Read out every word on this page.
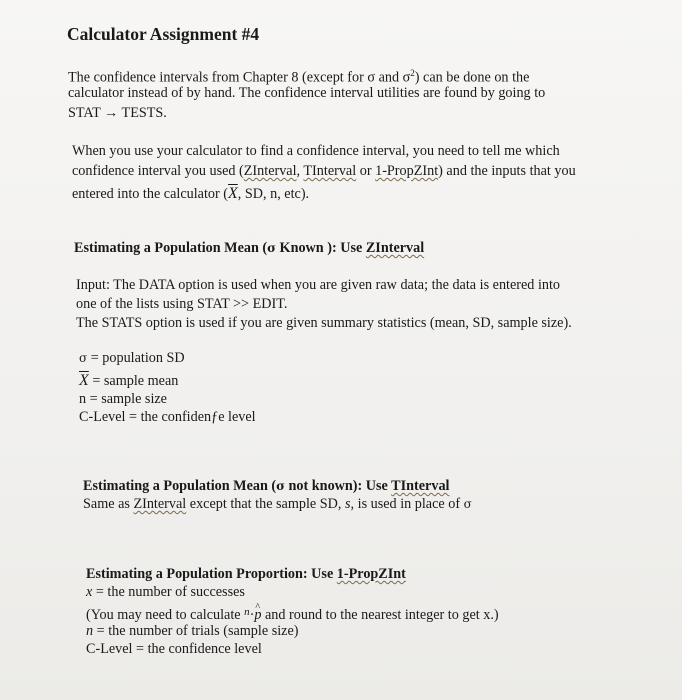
Calculator Assignment #4
The confidence intervals from Chapter 8 (except for σ and $\sigma^2$) can be done on the
calculator instead of by hand. The confidence interval utilities are found by going to
STAT → TESTS.
When you use your calculator to find a confidence interval, you need to tell me which
confidence interval you used (ZInterval, TInterval or 1-PropZInt) and the inputs that you
entered into the calculator ($\overline{X}$, SD, n, etc).
Estimating a Population Mean (σ Known ): Use ZInterval
Input: The DATA option is used when you are given raw data; the data is entered into
one of the lists using STAT >> EDIT.
The STATS option is used if you are given summary statistics (mean, SD, sample size).
σ = population SD
$\overline{X}$ = sample mean
n = sample size
C-Level = the confidenƒe level
Estimating a Population Mean (σ not known): Use TInterval
Same as ZInterval except that the sample SD, s, is used in place of σ
Estimating a Population Proportion: Use 1-PropZInt
x = the number of successes
(You may need to calculate $^n$·^ p and round to the nearest integer to get x.)
n = the number of trials (sample size)
C-Level = the confidence level
